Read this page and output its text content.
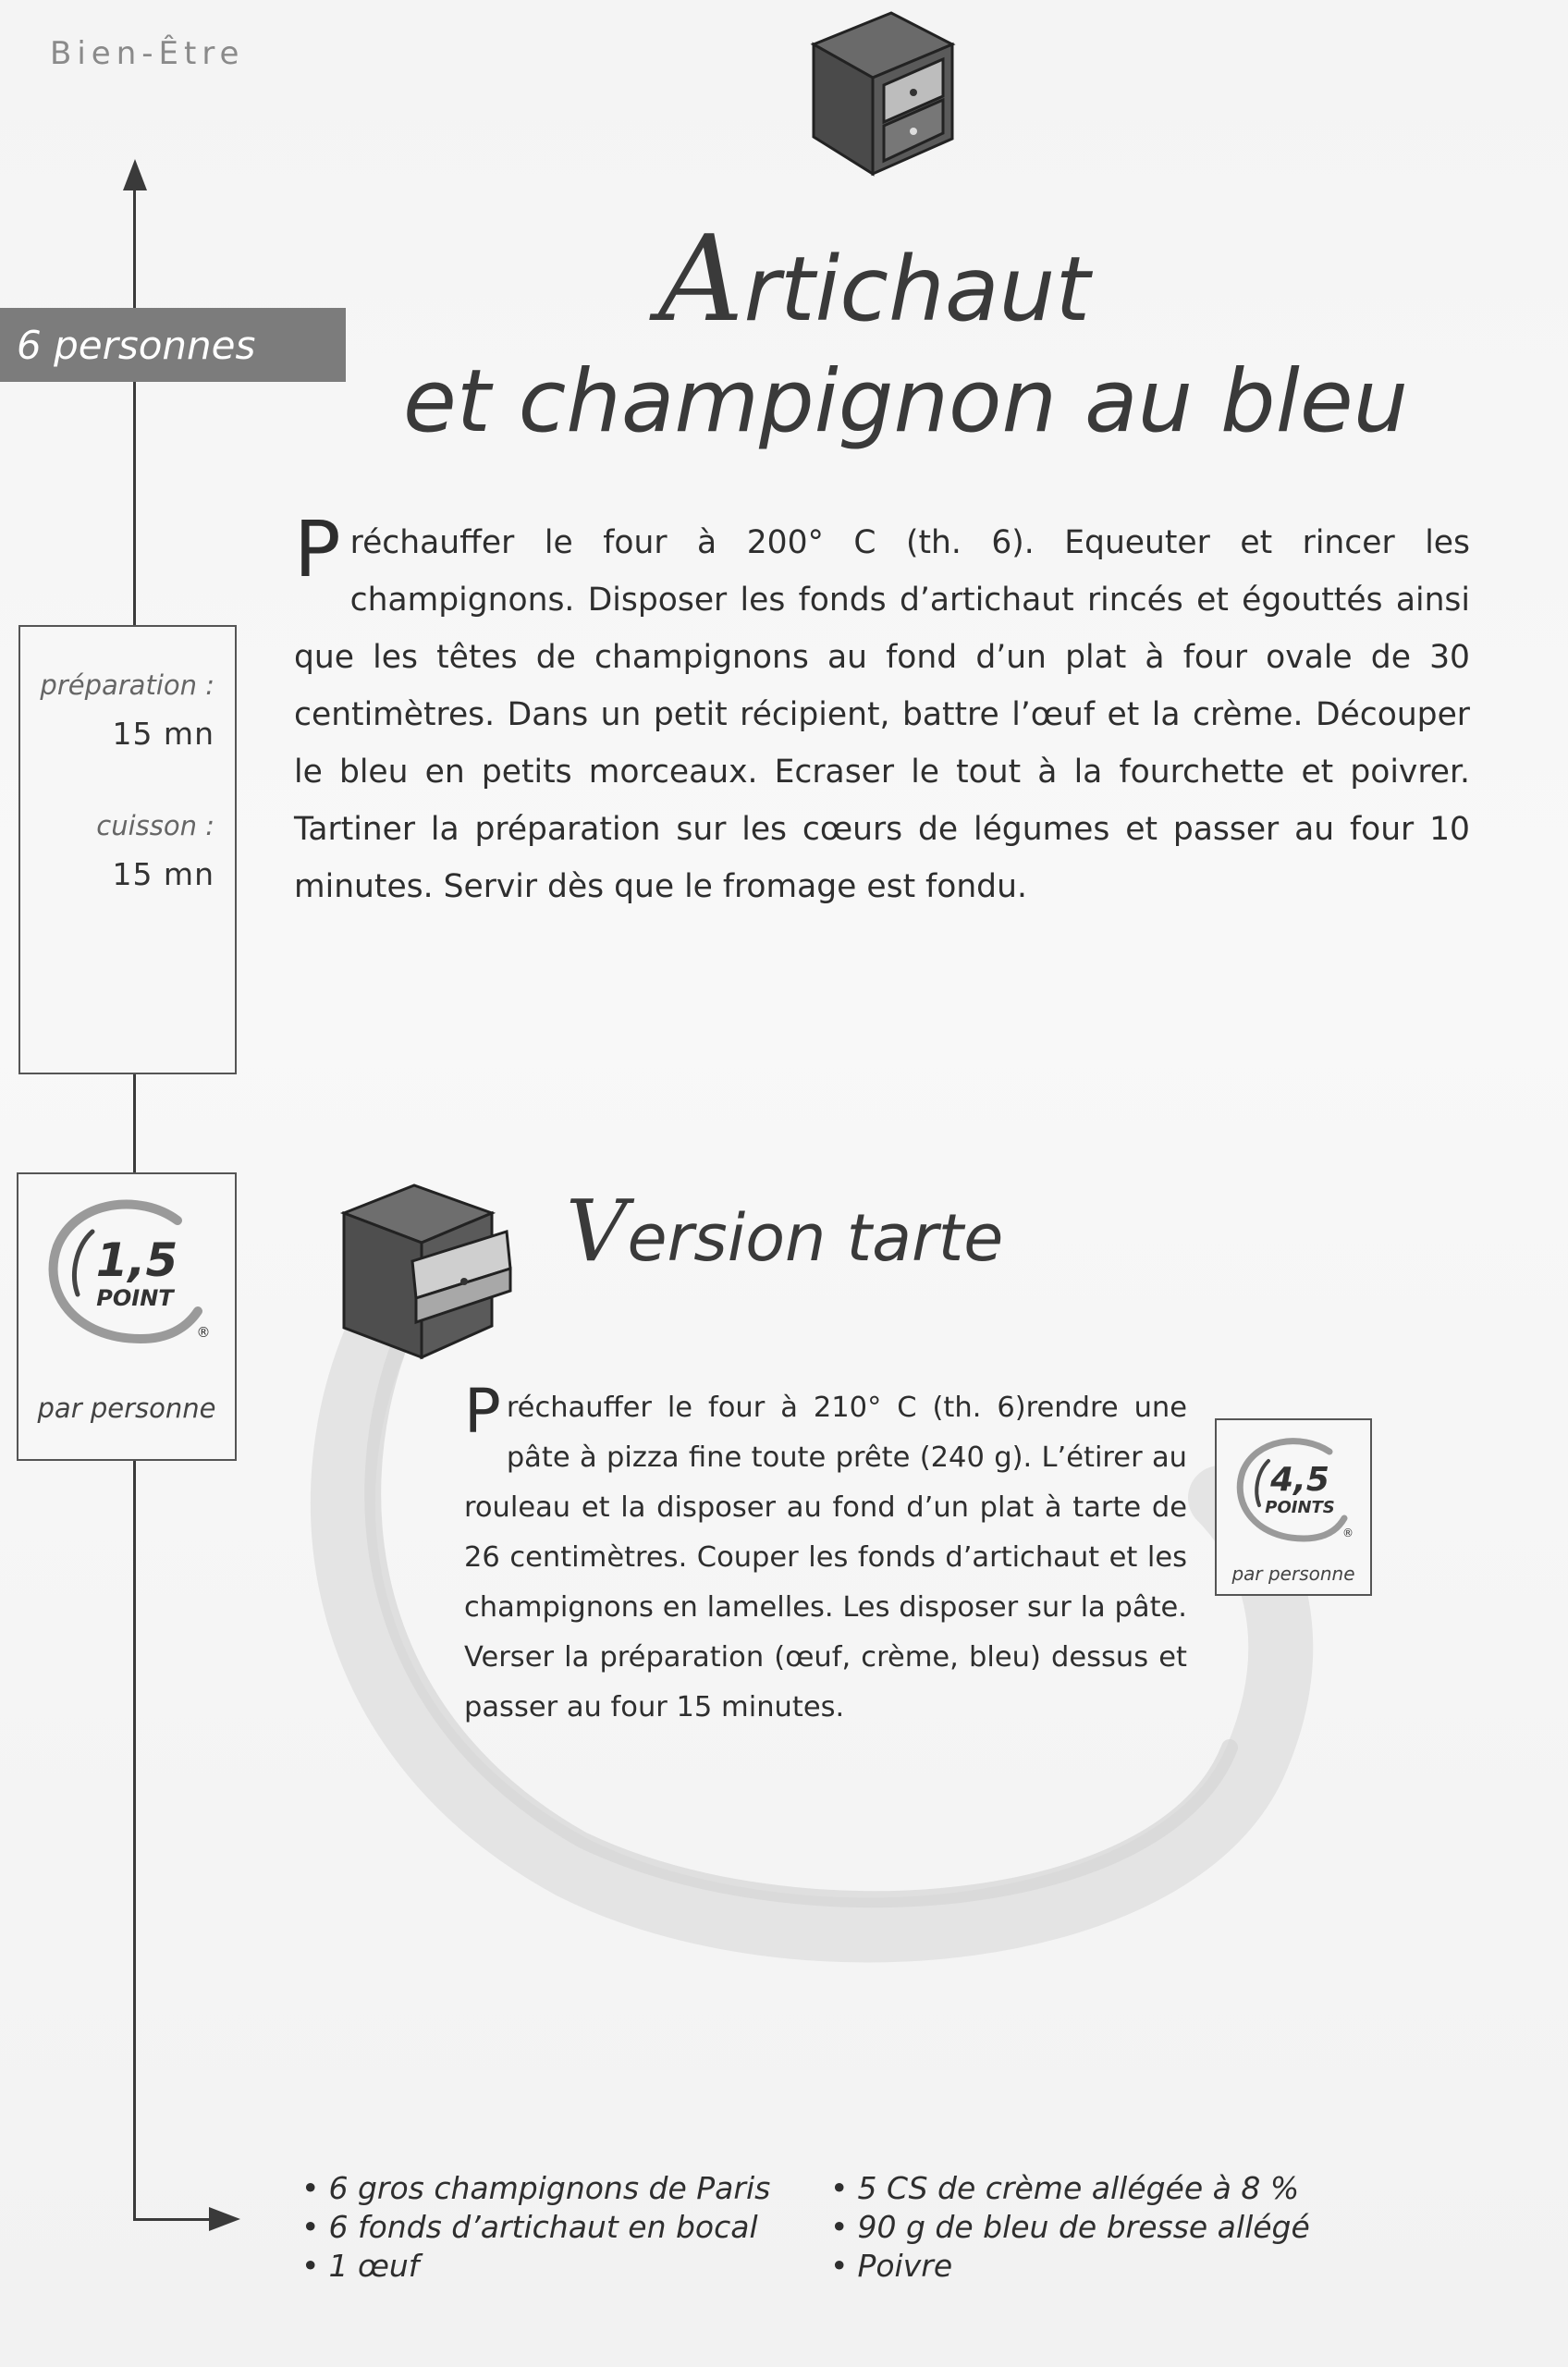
Bien-Être
6 personnes
préparation :
15 mn
cuisson :
15 mn
1,5
POINT
®
par personne
Artichaut
et champignon au bleu
Préchauffer le four à 200° C (th. 6). Equeuter et rincer les champignons. Disposer les fonds d’artichaut rincés et égouttés ainsi que les têtes de champignons au fond d’un plat à four ovale de 30 centimètres. Dans un petit récipient, battre l’œuf et la crème. Découper le bleu en petits morceaux. Ecraser le tout à la fourchette et poivrer. Tartiner la préparation sur les cœurs de légumes et passer au four 10 minutes. Servir dès que le fromage est fondu.
Version tarte
Préchauffer le four à 210° C (th. 6)rendre une pâte à pizza fine toute prête (240 g). L’étirer au rouleau et la disposer au fond d’un plat à tarte de 26 centimètres. Couper les fonds d’artichaut et les champignons en lamelles. Les disposer sur la pâte. Verser la préparation (œuf, crème, bleu) dessus et passer au four 15 minutes.
4,5
POINTS
®
par personne
• 6 gros champignons de Paris
• 6 fonds d’artichaut en bocal
• 1 œuf
• 5 CS de crème allégée à 8 %
• 90 g de bleu de bresse allégé
• Poivre
